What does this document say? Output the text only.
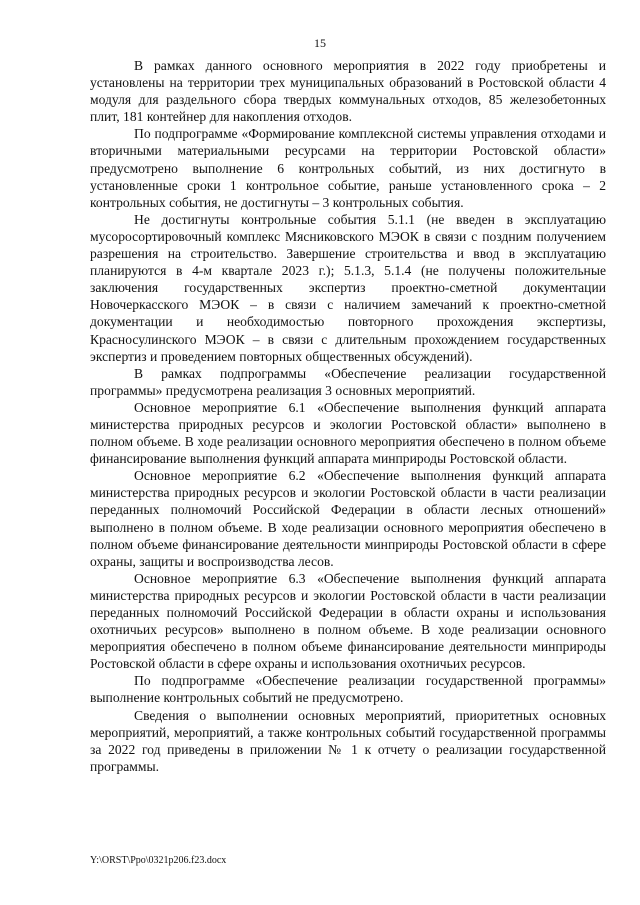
15

В рамках данного основного мероприятия в 2022 году приобретены и установлены на территории трех муниципальных образований в Ростовской области 4 модуля для раздельного сбора твердых коммунальных отходов, 85 железобетонных плит, 181 контейнер для накопления отходов.

По подпрограмме «Формирование комплексной системы управления отходами и вторичными материальными ресурсами на территории Ростовской области» предусмотрено выполнение 6 контрольных событий, из них достигнуто в установленные сроки 1 контрольное событие, раньше установленного срока – 2 контрольных события, не достигнуты – 3 контрольных события.

Не достигнуты контрольные события 5.1.1 (не введен в эксплуатацию мусоросортировочный комплекс Мясниковского МЭОК в связи с поздним получением разрешения на строительство. Завершение строительства и ввод в эксплуатацию планируются в 4-м квартале 2023 г.); 5.1.3, 5.1.4 (не получены положительные заключения государственных экспертиз проектно-сметной документации Новочеркасского МЭОК – в связи с наличием замечаний к проектно-сметной документации и необходимостью повторного прохождения экспертизы, Красносулинского МЭОК – в связи с длительным прохождением государственных экспертиз и проведением повторных общественных обсуждений).

В рамках подпрограммы «Обеспечение реализации государственной программы» предусмотрена реализация 3 основных мероприятий.

Основное мероприятие 6.1 «Обеспечение выполнения функций аппарата министерства природных ресурсов и экологии Ростовской области» выполнено в полном объеме. В ходе реализации основного мероприятия обеспечено в полном объеме финансирование выполнения функций аппарата минприроды Ростовской области.

Основное мероприятие 6.2 «Обеспечение выполнения функций аппарата министерства природных ресурсов и экологии Ростовской области в части реализации переданных полномочий Российской Федерации в области лесных отношений» выполнено в полном объеме. В ходе реализации основного мероприятия обеспечено в полном объеме финансирование деятельности минприроды Ростовской области в сфере охраны, защиты и воспроизводства лесов.

Основное мероприятие 6.3 «Обеспечение выполнения функций аппарата министерства природных ресурсов и экологии Ростовской области в части реализации переданных полномочий Российской Федерации в области охраны и использования охотничьих ресурсов» выполнено в полном объеме. В ходе реализации основного мероприятия обеспечено в полном объеме финансирование деятельности минприроды Ростовской области в сфере охраны и использования охотничьих ресурсов.

По подпрограмме «Обеспечение реализации государственной программы» выполнение контрольных событий не предусмотрено.

Сведения о выполнении основных мероприятий, приоритетных основных мероприятий, мероприятий, а также контрольных событий государственной программы за 2022 год приведены в приложении № 1 к отчету о реализации государственной программы.

Y:\ORST\Ppo\0321p206.f23.docx
